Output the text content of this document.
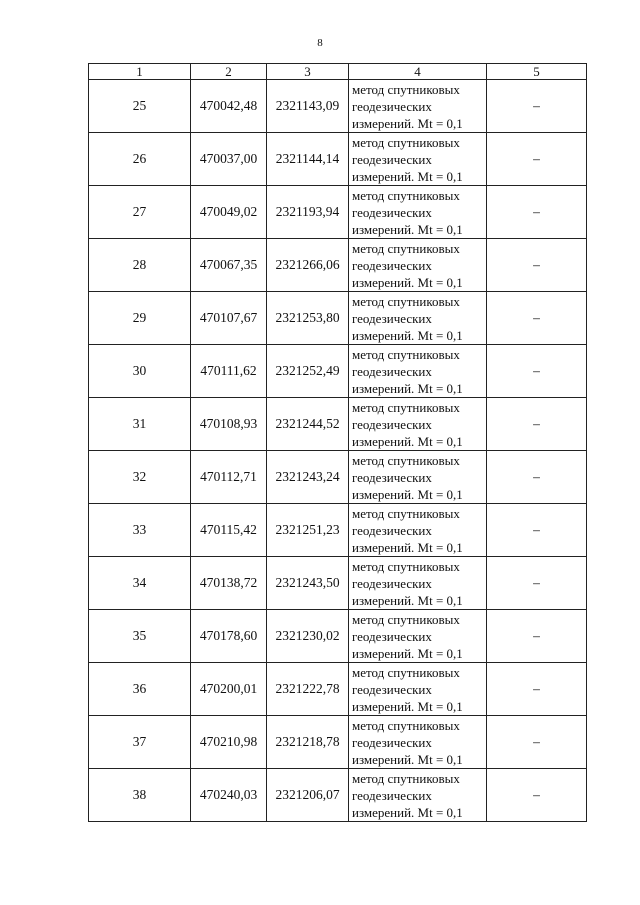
8
1	2	3	4	5
25	470042,48	2321143,09	метод спутниковых
геодезических
измерений. Mt = 0,1	–
26	470037,00	2321144,14	метод спутниковых
геодезических
измерений. Mt = 0,1	–
27	470049,02	2321193,94	метод спутниковых
геодезических
измерений. Mt = 0,1	–
28	470067,35	2321266,06	метод спутниковых
геодезических
измерений. Mt = 0,1	–
29	470107,67	2321253,80	метод спутниковых
геодезических
измерений. Mt = 0,1	–
30	470111,62	2321252,49	метод спутниковых
геодезических
измерений. Mt = 0,1	–
31	470108,93	2321244,52	метод спутниковых
геодезических
измерений. Mt = 0,1	–
32	470112,71	2321243,24	метод спутниковых
геодезических
измерений. Mt = 0,1	–
33	470115,42	2321251,23	метод спутниковых
геодезических
измерений. Mt = 0,1	–
34	470138,72	2321243,50	метод спутниковых
геодезических
измерений. Mt = 0,1	–
35	470178,60	2321230,02	метод спутниковых
геодезических
измерений. Mt = 0,1	–
36	470200,01	2321222,78	метод спутниковых
геодезических
измерений. Mt = 0,1	–
37	470210,98	2321218,78	метод спутниковых
геодезических
измерений. Mt = 0,1	–
38	470240,03	2321206,07	метод спутниковых
геодезических
измерений. Mt = 0,1	–
